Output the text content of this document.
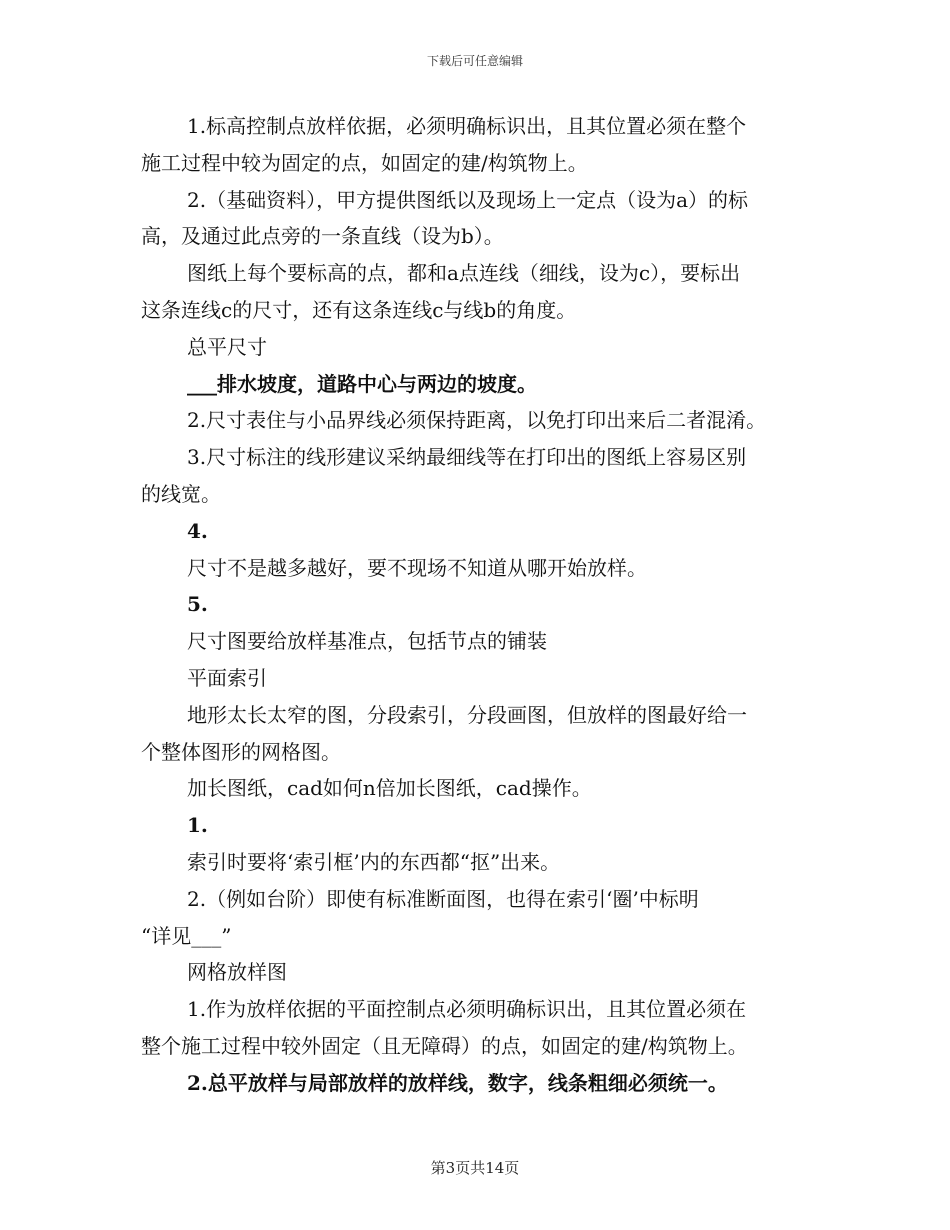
下载后可任意编辑

1.标高控制点放样依据，必须明确标识出，且其位置必须在整个

施工过程中较为固定的点，如固定的建/构筑物上。

2.（基础资料），甲方提供图纸以及现场上一定点（设为a）的标

高，及通过此点旁的一条直线（设为b）。

图纸上每个要标高的点，都和a点连线（细线，设为c），要标出

这条连线c的尺寸，还有这条连线c与线b的角度。

总平尺寸

___排水坡度，道路中心与两边的坡度。

2.尺寸表住与小品界线必须保持距离，以免打印出来后二者混淆。

3.尺寸标注的线形建议采纳最细线等在打印出的图纸上容易区别

的线宽。

4.

尺寸不是越多越好，要不现场不知道从哪开始放样。

5.

尺寸图要给放样基准点，包括节点的铺装

平面索引

地形太长太窄的图，分段索引，分段画图，但放样的图最好给一

个整体图形的网格图。

加长图纸，cad如何n倍加长图纸，cad操作。

1.

索引时要将‘索引框’内的东西都“抠”出来。

2.（例如台阶）即使有标准断面图，也得在索引‘圈’中标明

“详见___”

网格放样图

1.作为放样依据的平面控制点必须明确标识出，且其位置必须在

整个施工过程中较外固定（且无障碍）的点，如固定的建/构筑物上。

2.总平放样与局部放样的放样线，数字，线条粗细必须统一。

第3页共14页
